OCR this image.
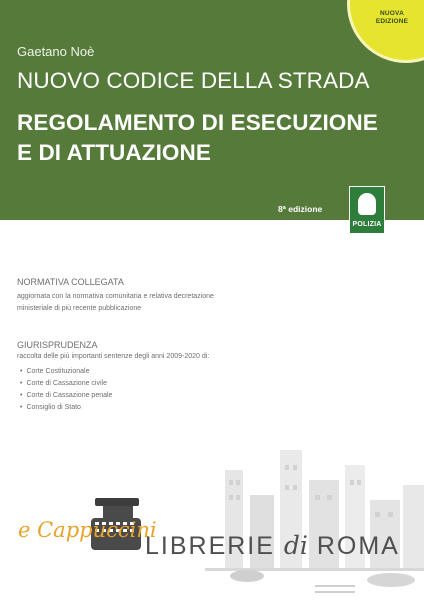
NUOVA EDIZIONE
Gaetano Noè
NUOVO CODICE DELLA STRADA
REGOLAMENTO DI ESECUZIONE E DI ATTUAZIONE
8ª edizione
POLIZIA
NORMATIVA COLLEGATA
aggiornata con la normativa comunitaria e relativa decretazione
ministeriale di più recente pubblicazione
GIURISPRUDENZA
raccolta delle più importanti sentenze degli anni 2009-2020 di:
• Corte Costituzionale
• Corte di Cassazione civile
• Corte di Cassazione penale
• Consiglio di Stato
e Cappuccini
LIBRERIE di ROMA
